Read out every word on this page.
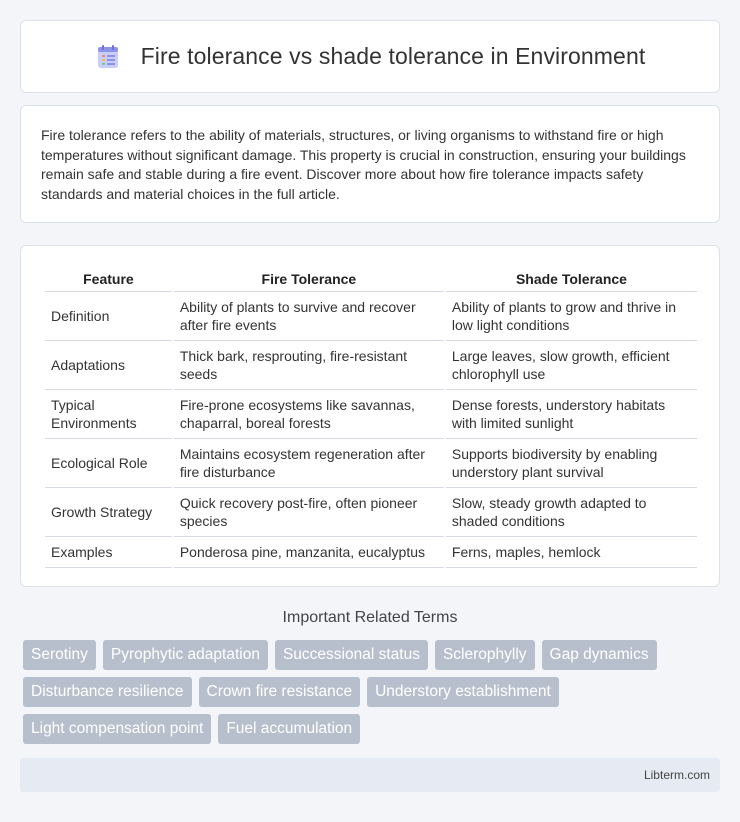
Fire tolerance vs shade tolerance in Environment

Fire tolerance refers to the ability of materials, structures, or living organisms to withstand fire or high temperatures without significant damage. This property is crucial in construction, ensuring your buildings remain safe and stable during a fire event. Discover more about how fire tolerance impacts safety standards and material choices in the full article.

Feature	Fire Tolerance	Shade Tolerance
Definition	Ability of plants to survive and recover after fire events	Ability of plants to grow and thrive in low light conditions
Adaptations	Thick bark, resprouting, fire-resistant seeds	Large leaves, slow growth, efficient chlorophyll use
Typical Environments	Fire-prone ecosystems like savannas, chaparral, boreal forests	Dense forests, understory habitats with limited sunlight
Ecological Role	Maintains ecosystem regeneration after fire disturbance	Supports biodiversity by enabling understory plant survival
Growth Strategy	Quick recovery post-fire, often pioneer species	Slow, steady growth adapted to shaded conditions
Examples	Ponderosa pine, manzanita, eucalyptus	Ferns, maples, hemlock
Important Related Terms
Serotiny	Pyrophytic adaptation	Successional status	Sclerophylly	Gap dynamics
Disturbance resilience	Crown fire resistance	Understory establishment
Light compensation point	Fuel accumulation
Libterm.com
